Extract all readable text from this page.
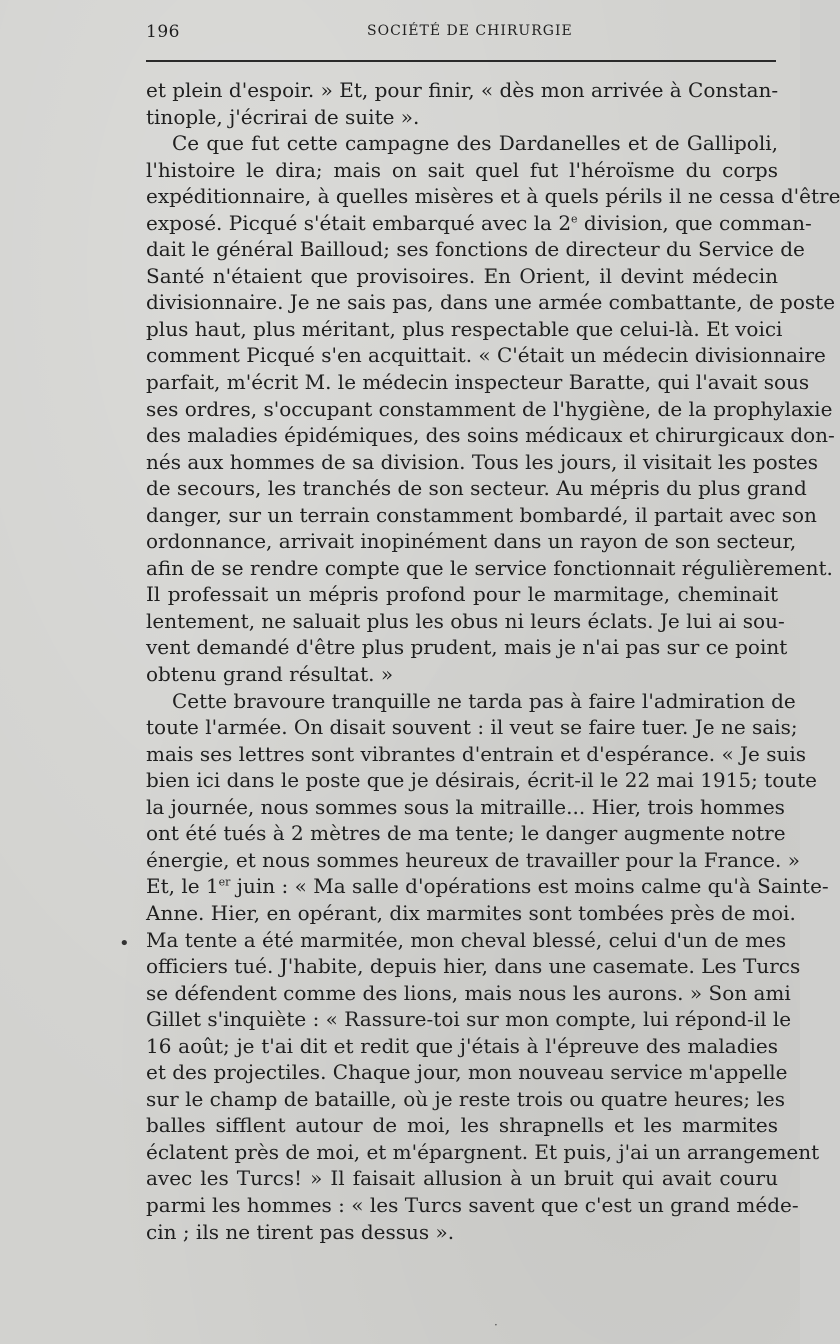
196	SOCIÉTÉ DE CHIRURGIE
et plein d'espoir. » Et, pour finir, « dès mon arrivée à Constan-
tinople, j'écrirai de suite ».
Ce que fut cette campagne des Dardanelles et de Gallipoli,
l'histoire le dira; mais on sait quel fut l'héroïsme du corps
expéditionnaire, à quelles misères et à quels périls il ne cessa d'être
exposé. Picqué s'était embarqué avec la 2e division, que comman-
dait le général Bailloud; ses fonctions de directeur du Service de
Santé n'étaient que provisoires. En Orient, il devint médecin
divisionnaire. Je ne sais pas, dans une armée combattante, de poste
plus haut, plus méritant, plus respectable que celui-là. Et voici
comment Picqué s'en acquittait. « C'était un médecin divisionnaire
parfait, m'écrit M. le médecin inspecteur Baratte, qui l'avait sous
ses ordres, s'occupant constamment de l'hygiène, de la prophylaxie
des maladies épidémiques, des soins médicaux et chirurgicaux don-
nés aux hommes de sa division. Tous les jours, il visitait les postes
de secours, les tranchés de son secteur. Au mépris du plus grand
danger, sur un terrain constamment bombardé, il partait avec son
ordonnance, arrivait inopinément dans un rayon de son secteur,
afin de se rendre compte que le service fonctionnait régulièrement.
Il professait un mépris profond pour le marmitage, cheminait
lentement, ne saluait plus les obus ni leurs éclats. Je lui ai sou-
vent demandé d'être plus prudent, mais je n'ai pas sur ce point
obtenu grand résultat. »
Cette bravoure tranquille ne tarda pas à faire l'admiration de
toute l'armée. On disait souvent : il veut se faire tuer. Je ne sais;
mais ses lettres sont vibrantes d'entrain et d'espérance. « Je suis
bien ici dans le poste que je désirais, écrit-il le 22 mai 1915; toute
la journée, nous sommes sous la mitraille... Hier, trois hommes
ont été tués à 2 mètres de ma tente; le danger augmente notre
énergie, et nous sommes heureux de travailler pour la France. »
Et, le 1er juin : « Ma salle d'opérations est moins calme qu'à Sainte-
Anne. Hier, en opérant, dix marmites sont tombées près de moi.
Ma tente a été marmitée, mon cheval blessé, celui d'un de mes
officiers tué. J'habite, depuis hier, dans une casemate. Les Turcs
se défendent comme des lions, mais nous les aurons. » Son ami
Gillet s'inquiète : « Rassure-toi sur mon compte, lui répond-il le
16 août; je t'ai dit et redit que j'étais à l'épreuve des maladies
et des projectiles. Chaque jour, mon nouveau service m'appelle
sur le champ de bataille, où je reste trois ou quatre heures; les
balles sifflent autour de moi, les shrapnells et les marmites
éclatent près de moi, et m'épargnent. Et puis, j'ai un arrangement
avec les Turcs! » Il faisait allusion à un bruit qui avait couru
parmi les hommes : « les Turcs savent que c'est un grand méde-
cin ; ils ne tirent pas dessus ».
•
·
